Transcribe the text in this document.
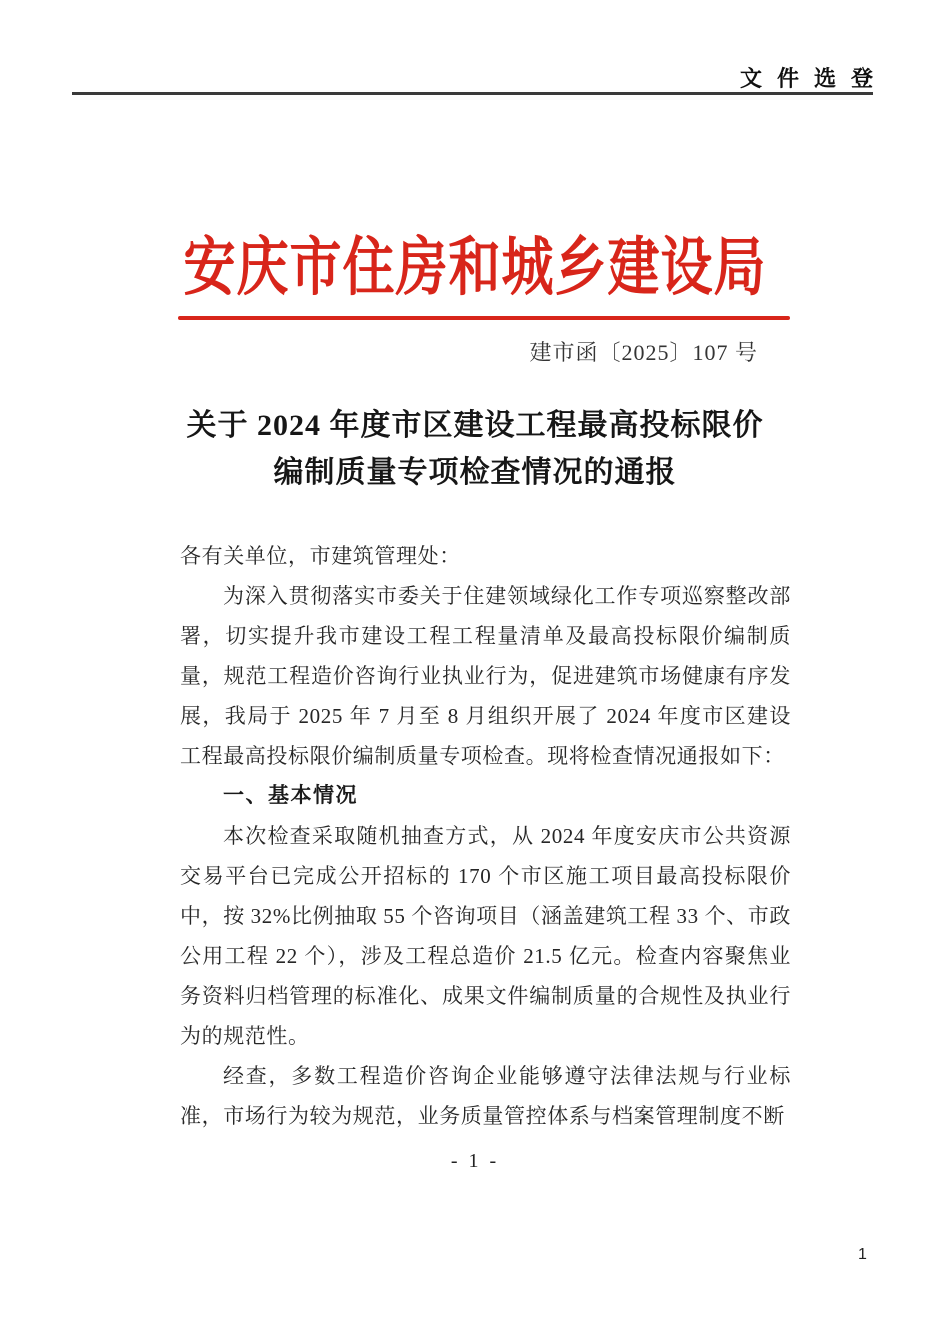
文件选登
安庆市住房和城乡建设局
建市函〔2025〕107 号
关于 2024 年度市区建设工程最高投标限价
编制质量专项检查情况的通报

各有关单位，市建筑管理处：

为深入贯彻落实市委关于住建领域绿化工作专项巡察整改部署，切实提升我市建设工程工程量清单及最高投标限价编制质量，规范工程造价咨询行业执业行为，促进建筑市场健康有序发展，我局于 2025 年 7 月至 8 月组织开展了 2024 年度市区建设工程最高投标限价编制质量专项检查。现将检查情况通报如下：

一、基本情况

本次检查采取随机抽查方式，从 2024 年度安庆市公共资源交易平台已完成公开招标的 170 个市区施工项目最高投标限价中，按 32%比例抽取 55 个咨询项目（涵盖建筑工程 33 个、市政公用工程 22 个），涉及工程总造价 21.5 亿元。检查内容聚焦业务资料归档管理的标准化、成果文件编制质量的合规性及执业行为的规范性。

经查，多数工程造价咨询企业能够遵守法律法规与行业标准，市场行为较为规范，业务质量管控体系与档案管理制度不断

- 1 -
1
